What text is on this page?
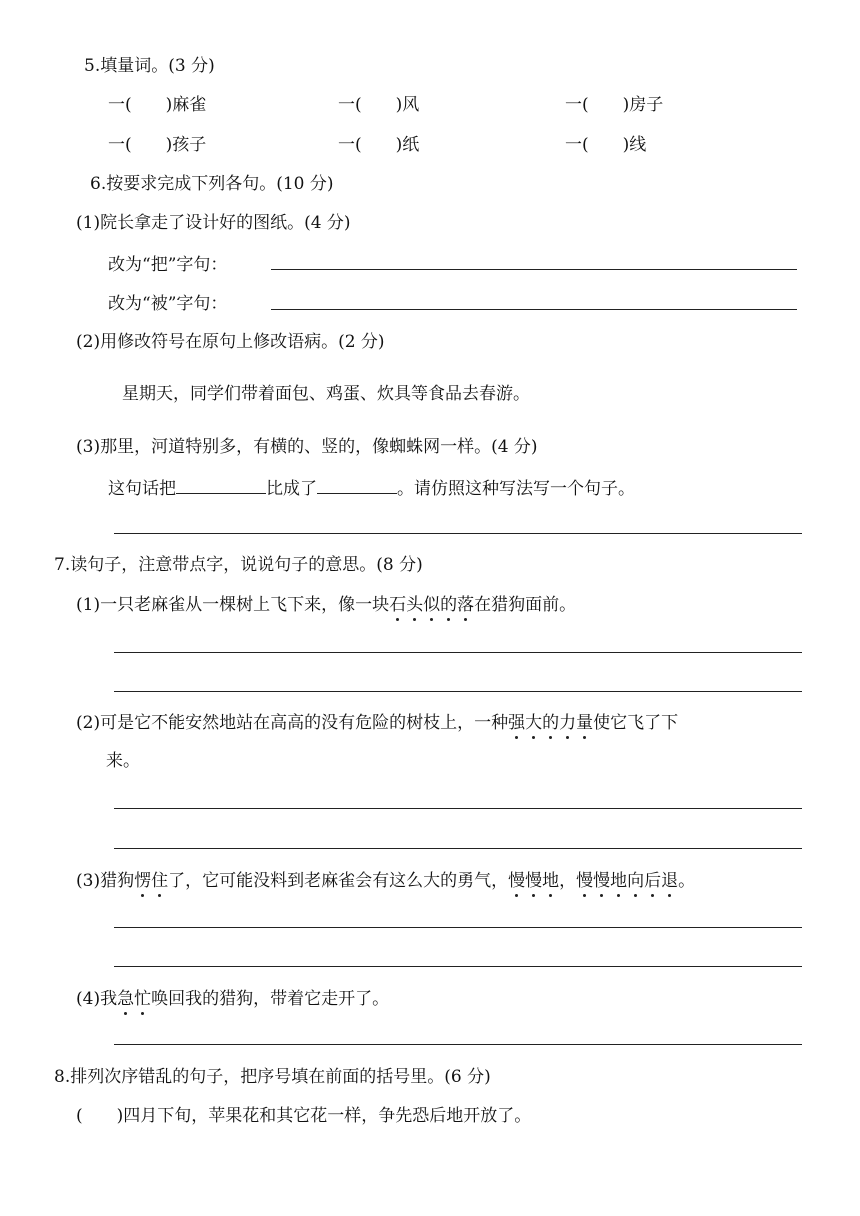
5.填量词。(3 分)
一(　　)麻雀	一(　　)风	一(　　)房子
一(　　)孩子	一(　　)纸	一(　　)线
6.按要求完成下列各句。(10 分)
(1)院长拿走了设计好的图纸。(4 分)
改为“把”字句：
改为“被”字句：
(2)用修改符号在原句上修改语病。(2 分)
星期天，同学们带着面包、鸡蛋、炊具等食品去春游。
(3)那里，河道特别多，有横的、竖的，像蜘蛛网一样。(4 分)
这句话把	比成了	。请仿照这种写法写一个句子。
7.读句子，注意带点字，说说句子的意思。(8 分)
(1)一只老麻雀从一棵树上飞下来，像一块石头似的落在猎狗面前。
(2)可是它不能安然地站在高高的没有危险的树枝上，一种强大的力量使它飞了下
来。
(3)猎狗愣住了，它可能没料到老麻雀会有这么大的勇气，慢慢地，慢慢地向后退。
(4)我急忙唤回我的猎狗，带着它走开了。
8.排列次序错乱的句子，把序号填在前面的括号里。(6 分)
(　　)四月下旬，苹果花和其它花一样，争先恐后地开放了。
